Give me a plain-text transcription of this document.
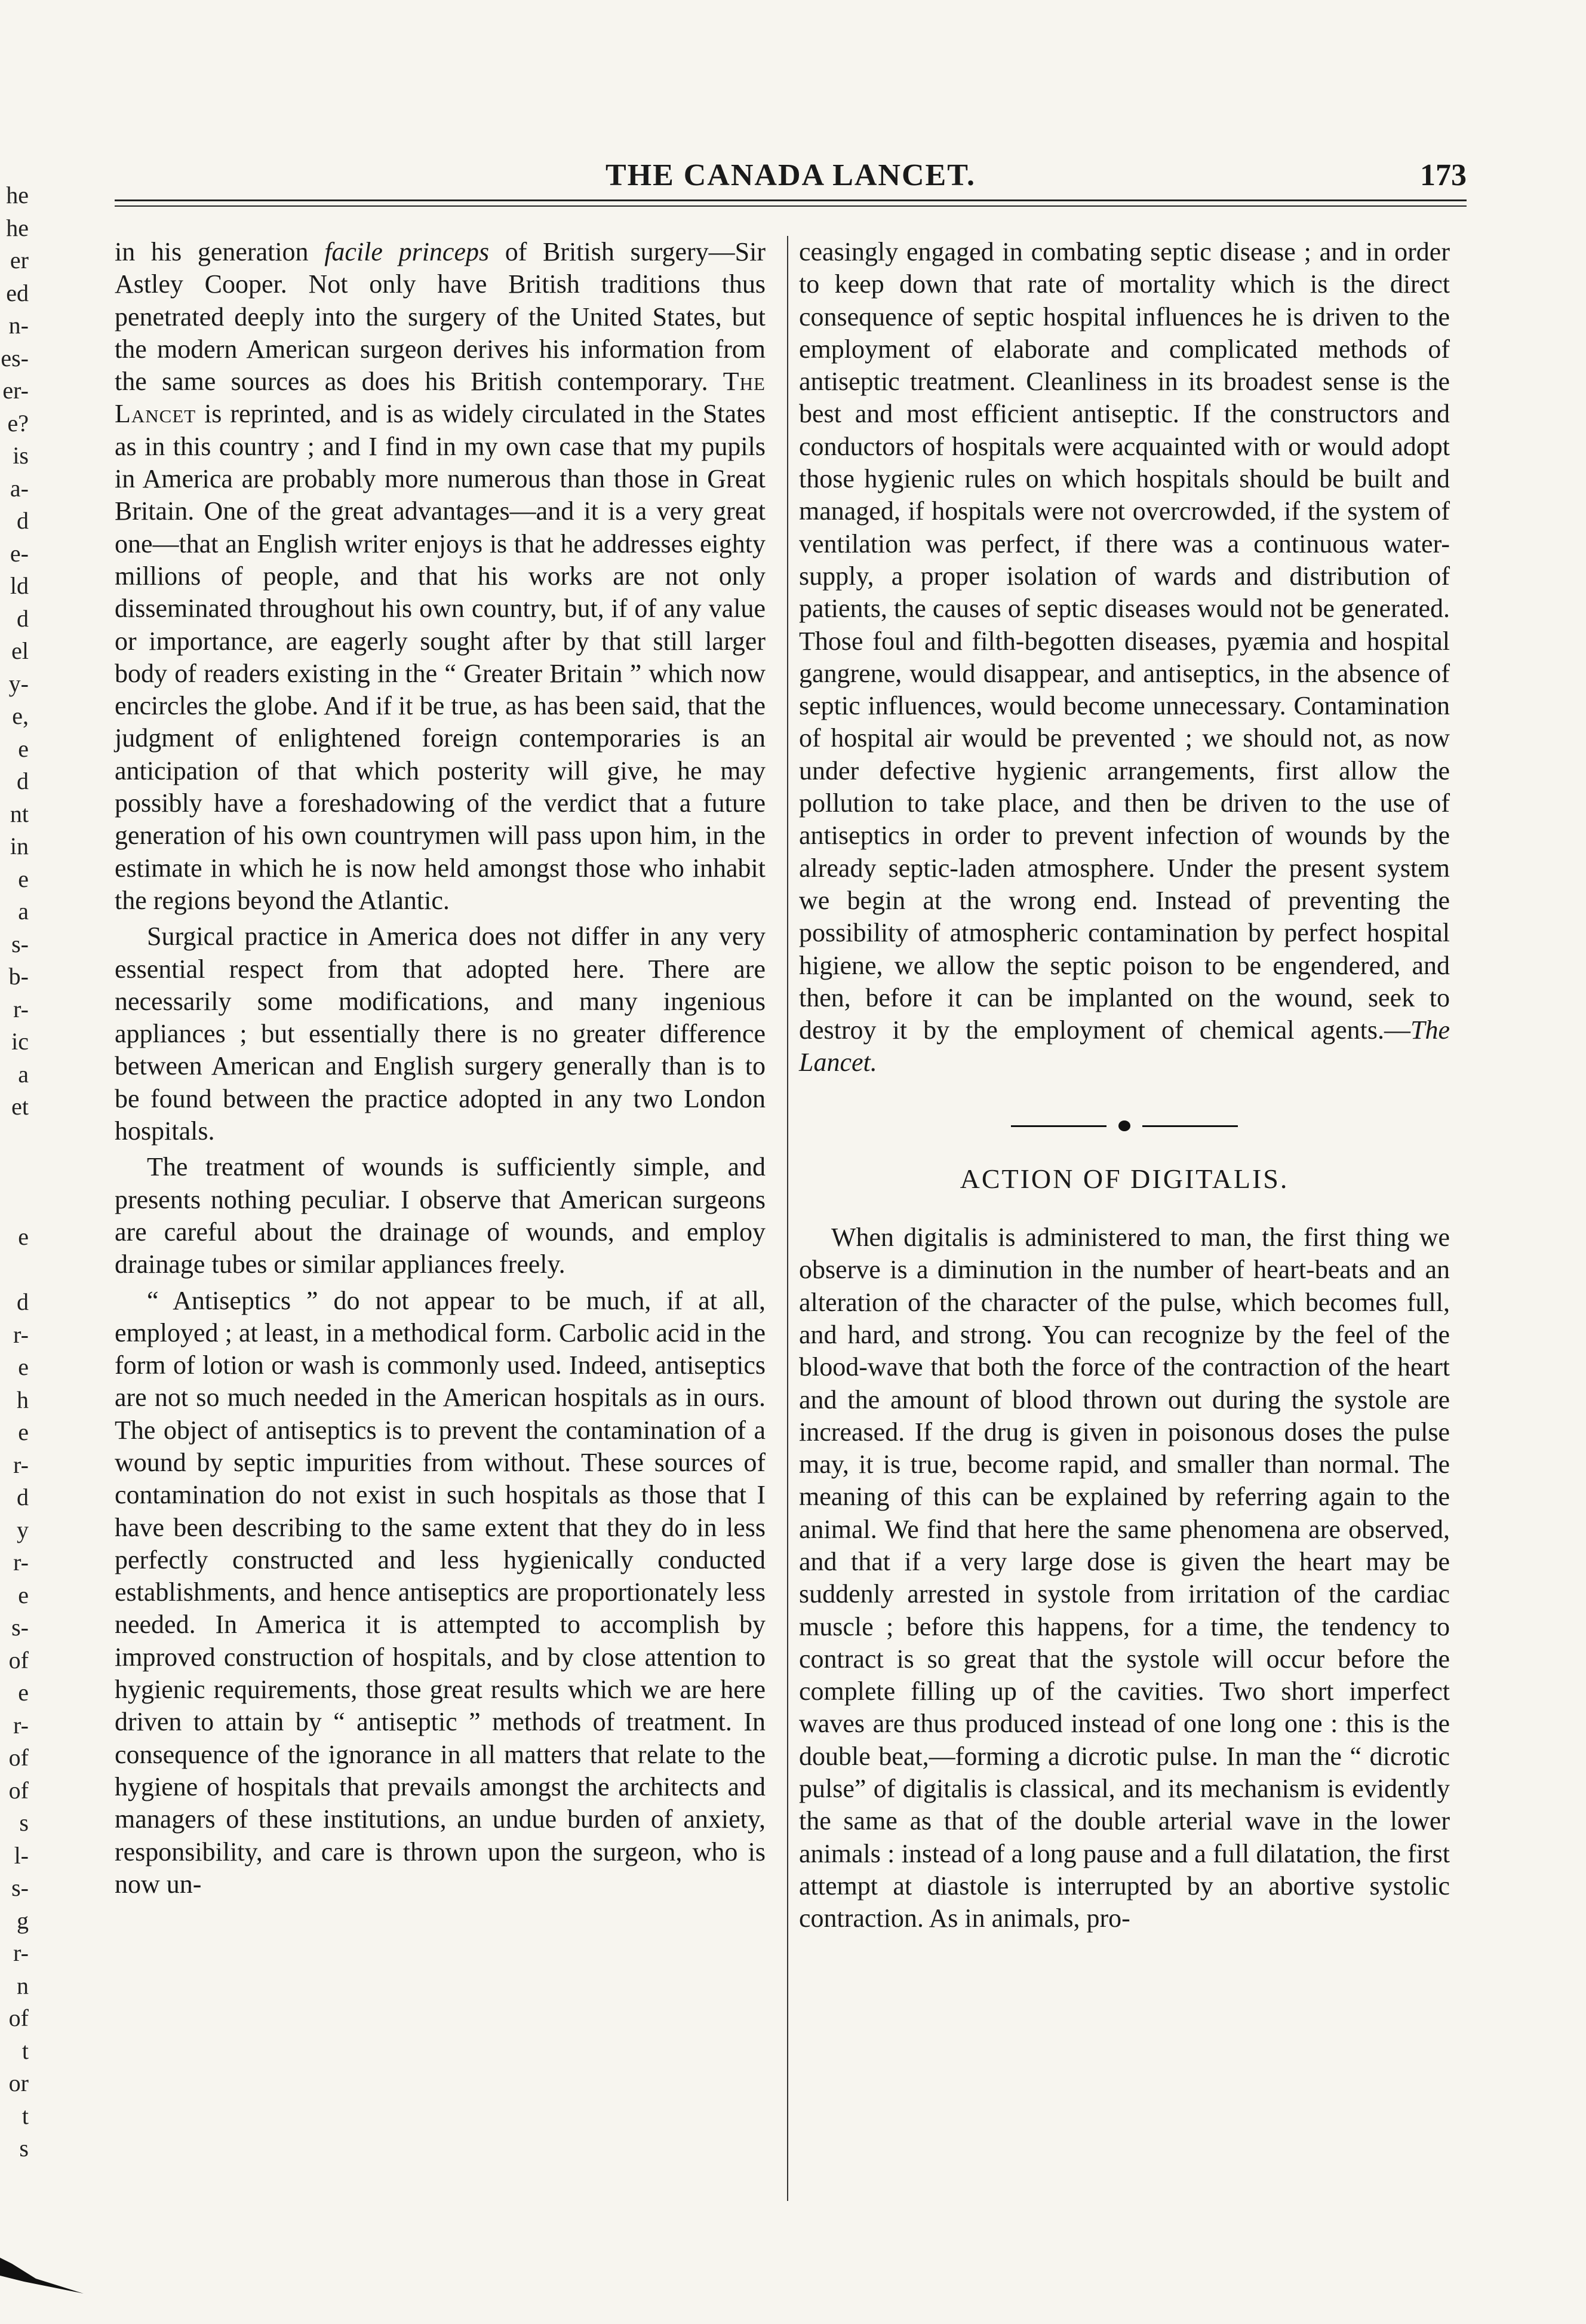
he
he
er
ed
n-
es-
er-
e?
is
a-
d
e-
ld
d
el
y-
e,
e
d
nt
in
e
a
s-
b-
r-
ic
a
et

e

d
r-
e
h
e
r-
d
y
r-
e
s-
of
e
r-
of
of
s
l-
s-
g
r-
n
of
t
or
t
s
THE CANADA LANCET.	173

in his generation facile princeps of British surgery—Sir Astley Cooper. Not only have British traditions thus penetrated deeply into the surgery of the United States, but the modern American surgeon derives his information from the same sources as does his British contemporary. The Lancet is reprinted, and is as widely circulated in the States as in this country ; and I find in my own case that my pupils in America are probably more numerous than those in Great Britain. One of the great advantages—and it is a very great one—that an English writer enjoys is that he addresses eighty millions of people, and that his works are not only disseminated throughout his own country, but, if of any value or importance, are eagerly sought after by that still larger body of readers existing in the “ Greater Britain ” which now encircles the globe. And if it be true, as has been said, that the judgment of enlightened foreign contemporaries is an anticipation of that which posterity will give, he may possibly have a foreshadowing of the verdict that a future generation of his own countrymen will pass upon him, in the estimate in which he is now held amongst those who inhabit the regions beyond the Atlantic.

Surgical practice in America does not differ in any very essential respect from that adopted here. There are necessarily some modifications, and many ingenious appliances ; but essentially there is no greater difference between American and English surgery generally than is to be found between the practice adopted in any two London hospitals.

The treatment of wounds is sufficiently simple, and presents nothing peculiar. I observe that American surgeons are careful about the drainage of wounds, and employ drainage tubes or similar appliances freely.

“ Antiseptics ” do not appear to be much, if at all, employed ; at least, in a methodical form. Carbolic acid in the form of lotion or wash is commonly used. Indeed, antiseptics are not so much needed in the American hospitals as in ours. The object of antiseptics is to prevent the contamination of a wound by septic impurities from without. These sources of contamination do not exist in such hospitals as those that I have been describing to the same extent that they do in less perfectly constructed and less hygienically conducted establishments, and hence antiseptics are proportionately less needed. In America it is attempted to accomplish by improved construction of hospitals, and by close attention to hygienic requirements, those great results which we are here driven to attain by “ antiseptic ” methods of treatment. In consequence of the ignorance in all matters that relate to the hygiene of hospitals that prevails amongst the architects and managers of these institutions, an undue burden of anxiety, responsibility, and care is thrown upon the surgeon, who is now un-

ceasingly engaged in combating septic disease ; and in order to keep down that rate of mortality which is the direct consequence of septic hospital influences he is driven to the employment of elaborate and complicated methods of antiseptic treatment. Cleanliness in its broadest sense is the best and most efficient antiseptic. If the constructors and conductors of hospitals were acquainted with or would adopt those hygienic rules on which hospitals should be built and managed, if hospitals were not overcrowded, if the system of ventilation was perfect, if there was a continuous water-supply, a proper isolation of wards and distribution of patients, the causes of septic diseases would not be generated. Those foul and filth-begotten diseases, pyæmia and hospital gangrene, would disappear, and antiseptics, in the absence of septic influences, would become unnecessary. Contamination of hospital air would be prevented ; we should not, as now under defective hygienic arrangements, first allow the pollution to take place, and then be driven to the use of antiseptics in order to prevent infection of wounds by the already septic-laden atmosphere. Under the present system we begin at the wrong end. Instead of preventing the possibility of atmospheric contamination by perfect hospital higiene, we allow the septic poison to be engendered, and then, before it can be implanted on the wound, seek to destroy it by the employment of chemical agents.—The Lancet.

ACTION OF DIGITALIS.

When digitalis is administered to man, the first thing we observe is a diminution in the number of heart-beats and an alteration of the character of the pulse, which becomes full, and hard, and strong. You can recognize by the feel of the blood-wave that both the force of the contraction of the heart and the amount of blood thrown out during the systole are increased. If the drug is given in poisonous doses the pulse may, it is true, become rapid, and smaller than normal. The meaning of this can be explained by referring again to the animal. We find that here the same phenomena are observed, and that if a very large dose is given the heart may be suddenly arrested in systole from irritation of the cardiac muscle ; before this happens, for a time, the tendency to contract is so great that the systole will occur before the complete filling up of the cavities. Two short imperfect waves are thus produced instead of one long one : this is the double beat,—forming a dicrotic pulse. In man the “ dicrotic pulse” of digitalis is classical, and its mechanism is evidently the same as that of the double arterial wave in the lower animals : instead of a long pause and a full dilatation, the first attempt at diastole is interrupted by an abortive systolic contraction. As in animals, pro-
